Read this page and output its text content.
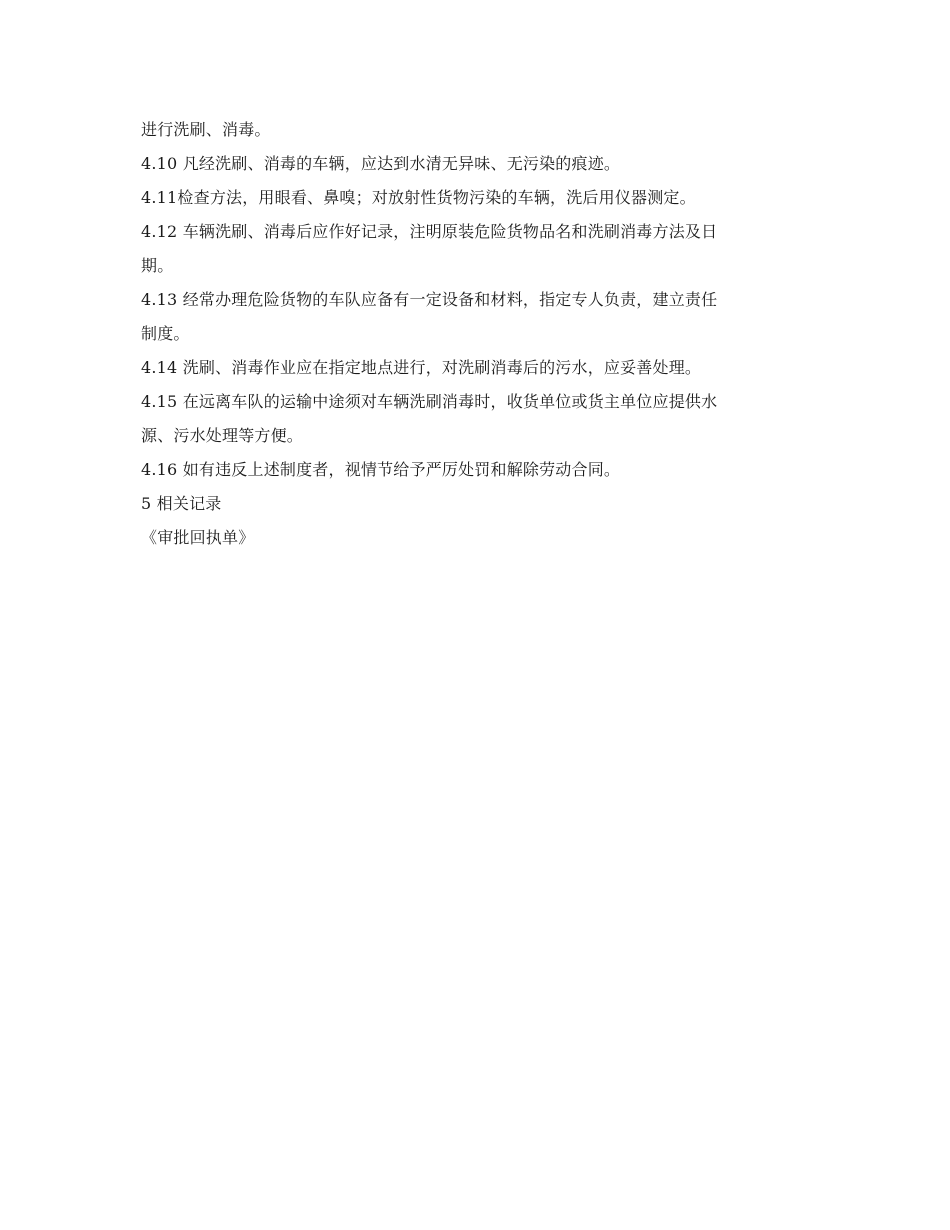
进行洗刷、消毒。
4.10 凡经洗刷、消毒的车辆，应达到水清无异味、无污染的痕迹。
4.11检查方法，用眼看、鼻嗅；对放射性货物污染的车辆，洗后用仪器测定。
4.12 车辆洗刷、消毒后应作好记录，注明原装危险货物品名和洗刷消毒方法及日
期。
4.13 经常办理危险货物的车队应备有一定设备和材料，指定专人负责，建立责任
制度。
4.14 洗刷、消毒作业应在指定地点进行，对洗刷消毒后的污水，应妥善处理。
4.15 在远离车队的运输中途须对车辆洗刷消毒时，收货单位或货主单位应提供水
源、污水处理等方便。
4.16 如有违反上述制度者，视情节给予严厉处罚和解除劳动合同。
5 相关记录
《审批回执单》
